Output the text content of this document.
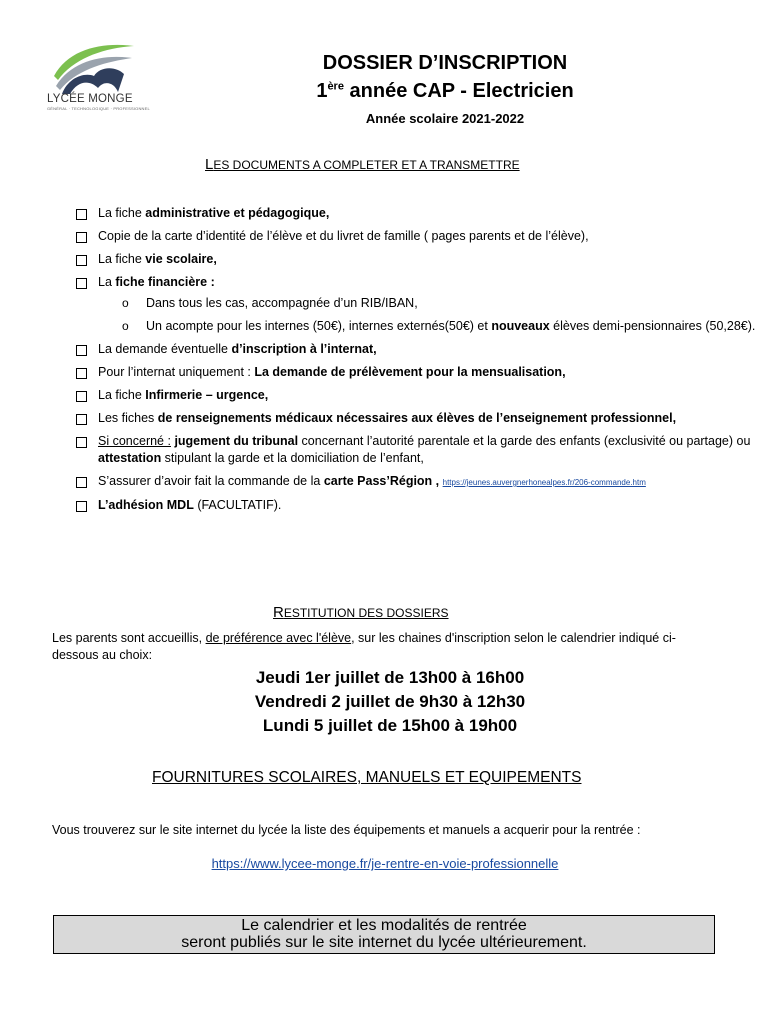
LYCÉE MONGE
GÉNÉRAL · TECHNOLOGIQUE · PROFESSIONNEL
DOSSIER D’INSCRIPTION
1ère année CAP - Electricien
Année scolaire 2021-2022
LES DOCUMENTS A COMPLETER ET A TRANSMETTRE
La fiche administrative et pédagogique,
Copie de la carte d’identité de l’élève et du livret de famille ( pages parents et de l’élève),
La fiche vie scolaire,
La fiche financière :
o Dans tous les cas, accompagnée d’un RIB/IBAN,
o Un acompte pour les internes (50€), internes externés(50€) et nouveaux élèves demi-pensionnaires (50,28€).
La demande éventuelle d’inscription à l’internat,
Pour l’internat uniquement : La demande de prélèvement pour la mensualisation,
La fiche Infirmerie – urgence,
Les fiches de renseignements médicaux nécessaires aux élèves de l’enseignement professionnel,
Si concerné : jugement du tribunal concernant l’autorité parentale et la garde des enfants (exclusivité ou partage) ou attestation stipulant la garde et la domiciliation de l’enfant,
S’assurer d’avoir fait la commande de la carte Pass’Région , https://jeunes.auvergnerhonealpes.fr/206-commande.htm
L’adhésion MDL (FACULTATIF).
RESTITUTION DES DOSSIERS
Les parents sont accueillis, de préférence avec l'élève, sur les chaines d'inscription selon le calendrier indiqué ci-dessous au choix:
Jeudi 1er juillet de 13h00 à 16h00
Vendredi 2 juillet de 9h30 à 12h30
Lundi 5 juillet de 15h00 à 19h00
FOURNITURES SCOLAIRES, MANUELS ET EQUIPEMENTS
Vous trouverez sur le site internet du lycée la liste des équipements et manuels a acquerir pour la rentrée :
https://www.lycee-monge.fr/je-rentre-en-voie-professionnelle
Le calendrier et les modalités de rentrée
seront publiés sur le site internet du lycée ultérieurement.
